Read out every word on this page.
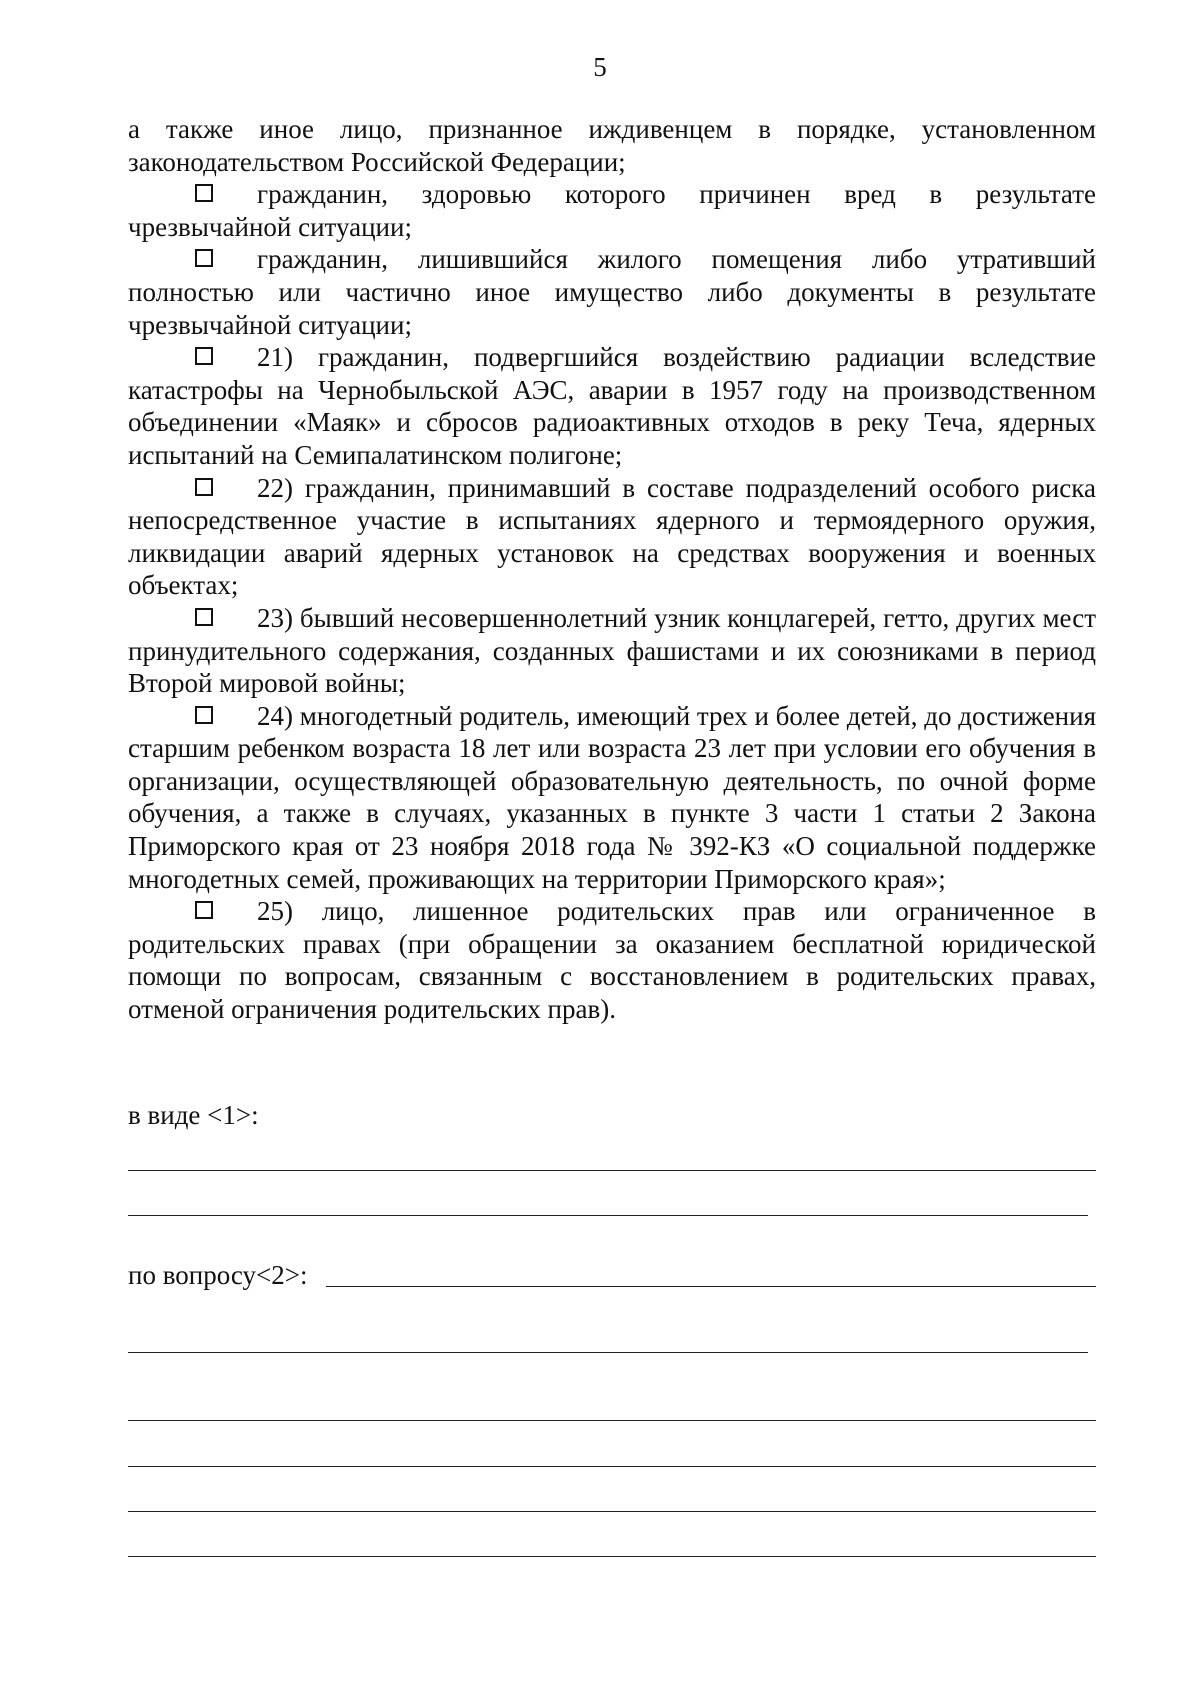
5

а также иное лицо, признанное иждивенцем в порядке, установленном законодательством Российской Федерации;

гражданин, здоровью которого причинен вред в результате чрезвычайной ситуации;

гражданин, лишившийся жилого помещения либо утративший полностью или частично иное имущество либо документы в результате чрезвычайной ситуации;

21) гражданин, подвергшийся воздействию радиации вследствие катастрофы на Чернобыльской АЭС, аварии в 1957 году на производственном объединении «Маяк» и сбросов радиоактивных отходов в реку Теча, ядерных испытаний на Семипалатинском полигоне;

22) гражданин, принимавший в составе подразделений особого риска непосредственное участие в испытаниях ядерного и термоядерного оружия, ликвидации аварий ядерных установок на средствах вооружения и военных объектах;

23) бывший несовершеннолетний узник концлагерей, гетто, других мест принудительного содержания, созданных фашистами и их союзниками в период Второй мировой войны;

24) многодетный родитель, имеющий трех и более детей, до достижения старшим ребенком возраста 18 лет или возраста 23 лет при условии его обучения в организации, осуществляющей образовательную деятельность, по очной форме обучения, а также в случаях, указанных в пункте 3 части 1 статьи 2 Закона Приморского края от 23 ноября 2018 года № 392-КЗ «О социальной поддержке многодетных семей, проживающих на территории Приморского края»;

25) лицо, лишенное родительских прав или ограниченное в родительских правах (при обращении за оказанием бесплатной юридической помощи по вопросам, связанным с восстановлением в родительских правах, отменой ограничения родительских прав).

в виде <1>:
по вопросу<2>:
